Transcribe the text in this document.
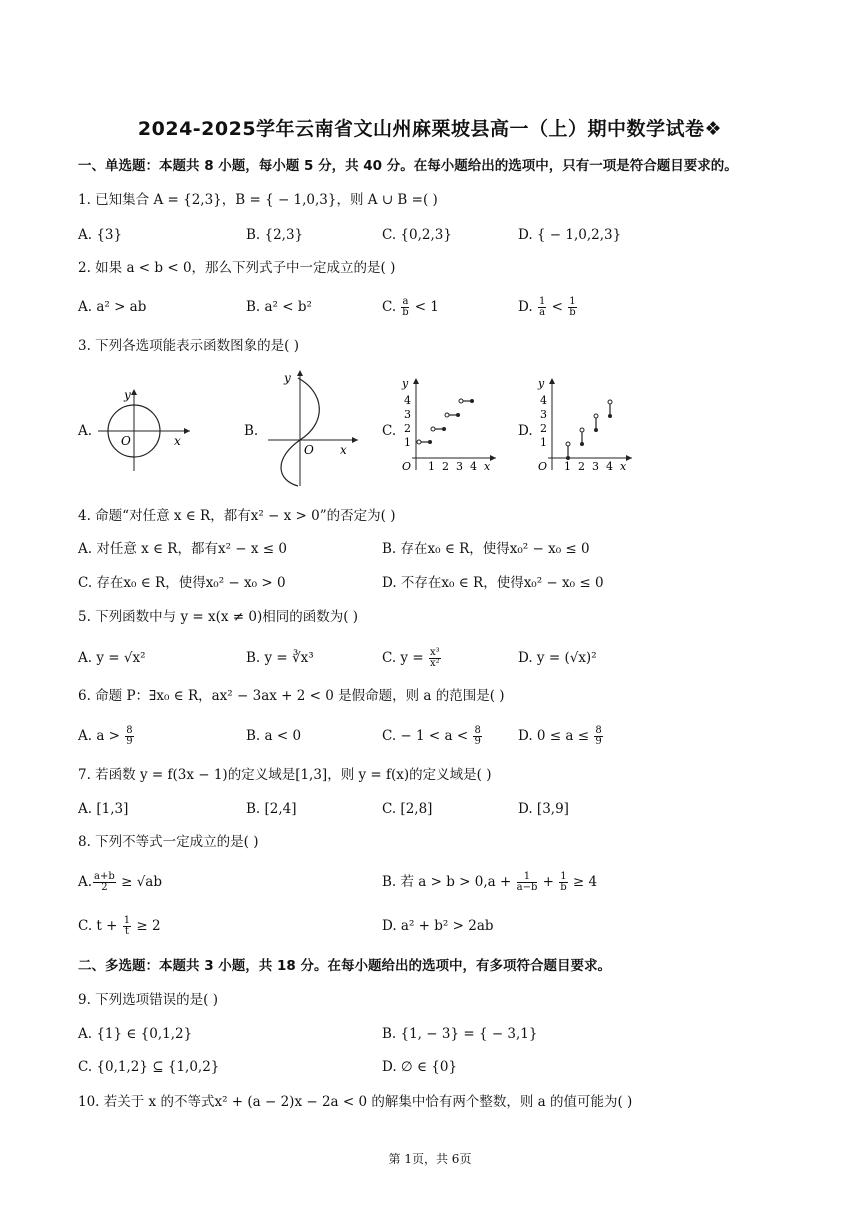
2024-2025学年云南省文山州麻栗坡县高一（上）期中数学试卷❖
一、单选题：本题共 8 小题，每小题 5 分，共 40 分。在每小题给出的选项中，只有一项是符合题目要求的。
1. 已知集合 A = {2,3}，B = { − 1,0,3}，则 A ∪ B =( )
A. {3}	B. {2,3}	C. {0,2,3}	D. { − 1,0,2,3}
2. 如果 a < b < 0，那么下列式子中一定成立的是( )
A. a² > ab	B. a² < b²	C. $\frac{a}{b} < 1$	D. $\frac{1}{a} < \frac{1}{b}$
3. 下列各选项能表示函数图象的是( )
A.
y
O	x
B.
y
O x
C.
y
1
2
3
4
O 1 2 3 4 x
D.
y
1
2
3
4
O 1 2 3 4 x
4. 命题“对任意 x ∈ R，都有x² − x > 0”的否定为( )
A. 对任意 x ∈ R，都有x² − x ≤ 0	B. 存在x₀ ∈ R，使得x₀² − x₀ ≤ 0
C. 存在x₀ ∈ R，使得x₀² − x₀ > 0	D. 不存在x₀ ∈ R，使得x₀² − x₀ ≤ 0
5. 下列函数中与 y = x(x ≠ 0)相同的函数为( )
A. y = √x²	B. y = ∛x³	C. $y = \frac{\text{x³}}{\text{x²}}$	D. y = (√x)²
6. 命题 P：∃x₀ ∈ R，ax² − 3ax + 2 < 0 是假命题，则 a 的范围是( )
A. $a > \frac{8}{9}$	B. a < 0	C. − $1 < a < \frac{8}{9}$	D. $0 \le a \le \frac{8}{9}$
7. 若函数 y = f(3x − 1)的定义域是[1,3]，则 y = f(x)的定义域是( )
A. [1,3]	B. [2,4]	C. [2,8]	D. [3,9]
8. 下列不等式一定成立的是( )
A. $\frac{a+b}{2} \ge √ab$	B. 若 $a > b > 0,a + \frac{1}{a-b} + \frac{1}{b} \ge 4$
C. $t + \frac{1}{t} \ge 2$	D. a² + b² > 2ab
二、多选题：本题共 3 小题，共 18 分。在每小题给出的选项中，有多项符合题目要求。
9. 下列选项错误的是( )
A. {1} ∈ {0,1,2}	B. {1, − 3} = { − 3,1}
C. {0,1,2} ⊆ {1,0,2}	D. ∅ ∈ {0}
10. 若关于 x 的不等式x² + (a − 2)x − 2a < 0 的解集中恰有两个整数，则 a 的值可能为( )
第 1页，共 6页
